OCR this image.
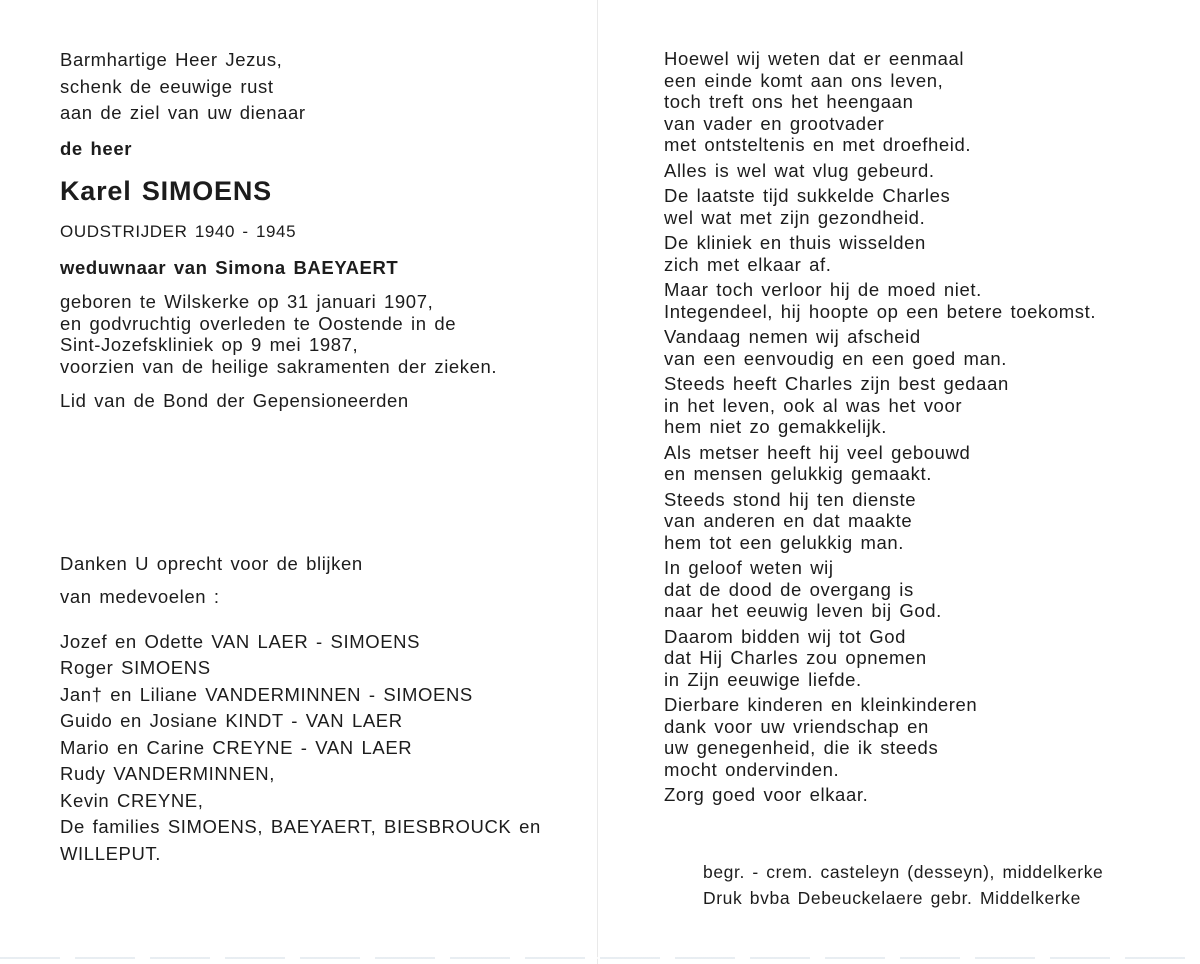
Barmhartige Heer Jezus,
schenk de eeuwige rust
aan de ziel van uw dienaar
de heer
Karel SIMOENS
OUDSTRIJDER 1940 - 1945
weduwnaar van Simona BAEYAERT
geboren te Wilskerke op 31 januari 1907,
en godvruchtig overleden te Oostende in de
Sint-Jozefskliniek op 9 mei 1987,
voorzien van de heilige sakramenten der zieken.
Lid van de Bond der Gepensioneerden
Danken U oprecht voor de blijken
van medevoelen :
Jozef en Odette VAN LAER - SIMOENS
Roger SIMOENS
Jan† en Liliane VANDERMINNEN - SIMOENS
Guido en Josiane KINDT - VAN LAER
Mario en Carine CREYNE - VAN LAER
Rudy VANDERMINNEN,
Kevin CREYNE,
De families SIMOENS, BAEYAERT, BIESBROUCK en
WILLEPUT.
Hoewel wij weten dat er eenmaal
een einde komt aan ons leven,
toch treft ons het heengaan
van vader en grootvader
met ontsteltenis en met droefheid.
Alles is wel wat vlug gebeurd.
De laatste tijd sukkelde Charles
wel wat met zijn gezondheid.
De kliniek en thuis wisselden
zich met elkaar af.
Maar toch verloor hij de moed niet.
Integendeel, hij hoopte op een betere toekomst.
Vandaag nemen wij afscheid
van een eenvoudig en een goed man.
Steeds heeft Charles zijn best gedaan
in het leven, ook al was het voor
hem niet zo gemakkelijk.
Als metser heeft hij veel gebouwd
en mensen gelukkig gemaakt.
Steeds stond hij ten dienste
van anderen en dat maakte
hem tot een gelukkig man.
In geloof weten wij
dat de dood de overgang is
naar het eeuwig leven bij God.
Daarom bidden wij tot God
dat Hij Charles zou opnemen
in Zijn eeuwige liefde.
Dierbare kinderen en kleinkinderen
dank voor uw vriendschap en
uw genegenheid, die ik steeds
mocht ondervinden.
Zorg goed voor elkaar.
begr. - crem. casteleyn (desseyn), middelkerke
Druk bvba Debeuckelaere gebr. Middelkerke
